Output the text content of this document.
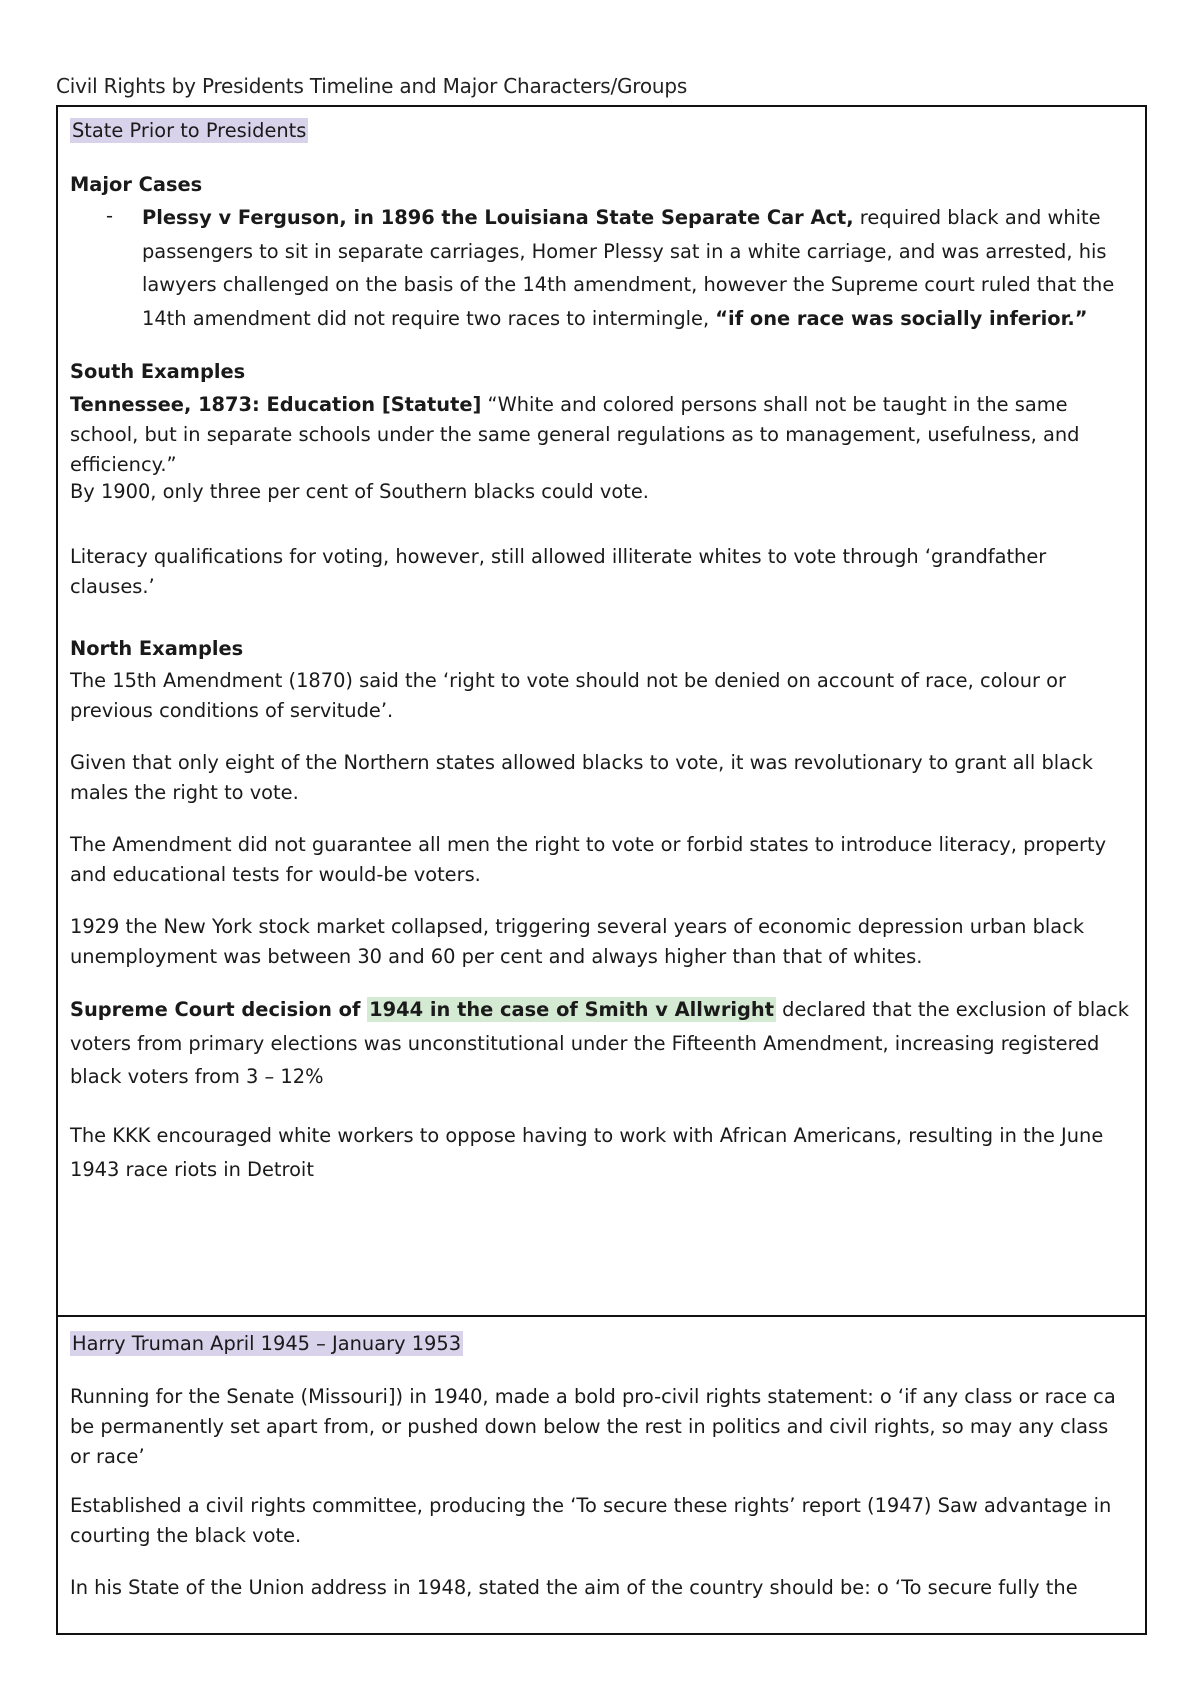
Civil Rights by Presidents Timeline and Major Characters/Groups
State Prior to Presidents
Major Cases
- Plessy v Ferguson, in 1896 the Louisiana State Separate Car Act, required black and white passengers to sit in separate carriages, Homer Plessy sat in a white carriage, and was arrested, his lawyers challenged on the basis of the 14th amendment, however the Supreme court ruled that the 14th amendment did not require two races to intermingle, “if one race was socially inferior.”
South Examples
Tennessee, 1873: Education [Statute] “White and colored persons shall not be taught in the same school, but in separate schools under the same general regulations as to management, usefulness, and efficiency.”
By 1900, only three per cent of Southern blacks could vote.
Literacy qualifications for voting, however, still allowed illiterate whites to vote through ‘grandfather clauses.’
North Examples
The 15th Amendment (1870) said the ‘right to vote should not be denied on account of race, colour or previous conditions of servitude’.
Given that only eight of the Northern states allowed blacks to vote, it was revolutionary to grant all black males the right to vote.
The Amendment did not guarantee all men the right to vote or forbid states to introduce literacy, property and educational tests for would-be voters.
1929 the New York stock market collapsed, triggering several years of economic depression urban black unemployment was between 30 and 60 per cent and always higher than that of whites.
Supreme Court decision of 1944 in the case of Smith v Allwright declared that the exclusion of black voters from primary elections was unconstitutional under the Fifteenth Amendment, increasing registered black voters from 3 – 12%
The KKK encouraged white workers to oppose having to work with African Americans, resulting in the June 1943 race riots in Detroit
Harry Truman April 1945 – January 1953
Running for the Senate (Missouri]) in 1940, made a bold pro-civil rights statement: o ‘if any class or race ca be permanently set apart from, or pushed down below the rest in politics and civil rights, so may any class or race’
Established a civil rights committee, producing the ‘To secure these rights’ report (1947) Saw advantage in courting the black vote.
In his State of the Union address in 1948, stated the aim of the country should be: o ‘To secure fully the
